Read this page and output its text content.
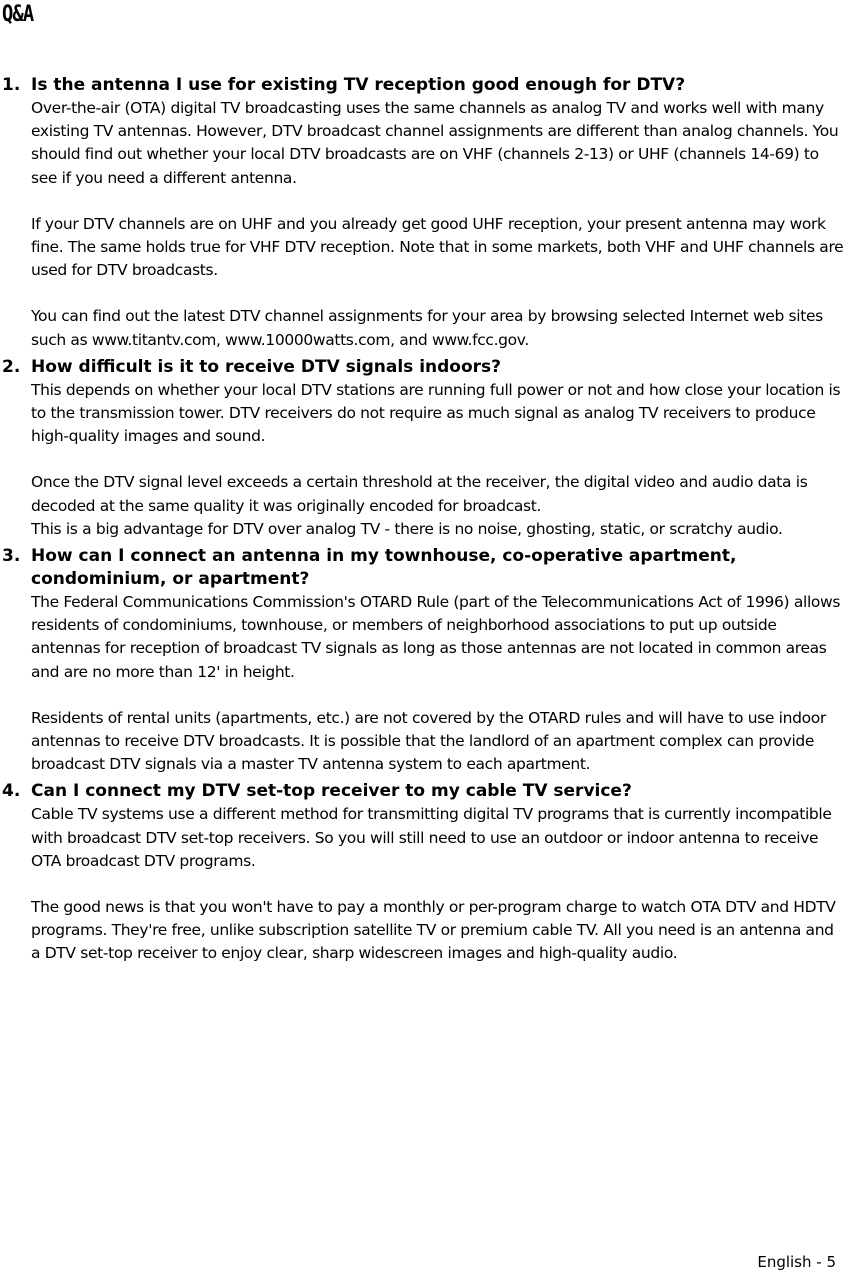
Q&A
1. Is the antenna I use for existing TV reception good enough for DTV?

Over-the-air (OTA) digital TV broadcasting uses the same channels as analog TV and works well with many existing TV antennas. However, DTV broadcast channel assignments are different than analog channels. You should find out whether your local DTV broadcasts are on VHF (channels 2-13) or UHF (channels 14-69) to see if you need a different antenna.

If your DTV channels are on UHF and you already get good UHF reception, your present antenna may work fine. The same holds true for VHF DTV reception. Note that in some markets, both VHF and UHF channels are used for DTV broadcasts.

You can find out the latest DTV channel assignments for your area by browsing selected Internet web sites such as www.titantv.com, www.10000watts.com, and www.fcc.gov.

2. How difficult is it to receive DTV signals indoors?

This depends on whether your local DTV stations are running full power or not and how close your location is to the transmission tower. DTV receivers do not require as much signal as analog TV receivers to produce high-quality images and sound.

Once the DTV signal level exceeds a certain threshold at the receiver, the digital video and audio data is decoded at the same quality it was originally encoded for broadcast.

This is a big advantage for DTV over analog TV - there is no noise, ghosting, static, or scratchy audio.

3. How can I connect an antenna in my townhouse, co-operative apartment, condominium, or apartment?

The Federal Communications Commission's OTARD Rule (part of the Telecommunications Act of 1996) allows residents of condominiums, townhouse, or members of neighborhood associations to put up outside antennas for reception of broadcast TV signals as long as those antennas are not located in common areas and are no more than 12' in height.

Residents of rental units (apartments, etc.) are not covered by the OTARD rules and will have to use indoor antennas to receive DTV broadcasts. It is possible that the landlord of an apartment complex can provide broadcast DTV signals via a master TV antenna system to each apartment.

4. Can I connect my DTV set-top receiver to my cable TV service?

Cable TV systems use a different method for transmitting digital TV programs that is currently incompatible with broadcast DTV set-top receivers. So you will still need to use an outdoor or indoor antenna to receive OTA broadcast DTV programs.

The good news is that you won't have to pay a monthly or per-program charge to watch OTA DTV and HDTV programs. They're free, unlike subscription satellite TV or premium cable TV. All you need is an antenna and a DTV set-top receiver to enjoy clear, sharp widescreen images and high-quality audio.

English - 5
